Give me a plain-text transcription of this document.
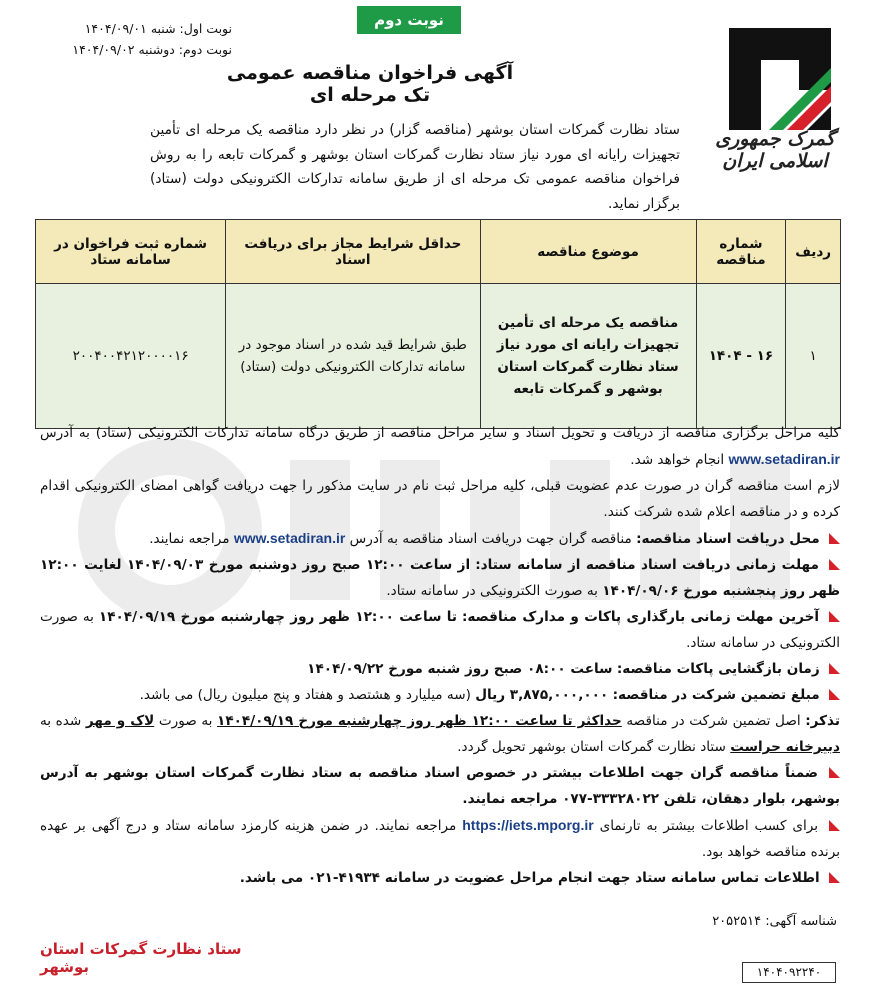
گمرک جمهوری اسلامی ایران
نوبت دوم
نوبت اول: شنبه ۱۴۰۴/۰۹/۰۱
نوبت دوم: دوشنبه ۱۴۰۴/۰۹/۰۲
آگهی فراخوان مناقصه عمومی تک مرحله ای
ستاد نظارت گمرکات استان بوشهر (مناقصه گزار) در نظر دارد مناقصه یک مرحله ای تأمین تجهیزات رایانه ای مورد نیاز ستاد نظارت گمرکات استان بوشهر و گمرکات تابعه را به روش فراخوان مناقصه عمومی تک مرحله ای از طریق سامانه تدارکات الکترونیکی دولت (ستاد) برگزار نماید.
ردیف	شماره مناقصه	موضوع مناقصه	حداقل شرایط مجاز برای دریافت اسناد	شماره ثبت فراخوان در سامانه ستاد
۱	۱۶ - ۱۴۰۴	مناقصه یک مرحله ای تأمین تجهیزات رایانه ای مورد نیاز ستاد نظارت گمرکات استان بوشهر و گمرکات تابعه	طبق شرایط قید شده در اسناد موجود در سامانه تدارکات الکترونیکی دولت (ستاد)	۲۰۰۴۰۰۴۲۱۲۰۰۰۰۱۶

کلیه مراحل برگزاری مناقصه از دریافت و تحویل اسناد و سایر مراحل مناقصه از طریق درگاه سامانه تدارکات الکترونیکی (ستاد) به آدرس www.setadiran.ir انجام خواهد شد.

لازم است مناقصه گران در صورت عدم عضویت قبلی، کلیه مراحل ثبت نام در سایت مذکور را جهت دریافت گواهی امضای الکترونیکی اقدام کرده و در مناقصه اعلام شده شرکت کنند.

محل دریافت اسناد مناقصه: مناقصه گران جهت دریافت اسناد مناقصه به آدرس www.setadiran.ir مراجعه نمایند.

مهلت زمانی دریافت اسناد مناقصه از سامانه ستاد: از ساعت ۱۲:۰۰ صبح روز دوشنبه مورخ ۱۴۰۴/۰۹/۰۳ لغایت ۱۲:۰۰ ظهر روز پنجشنبه مورخ ۱۴۰۴/۰۹/۰۶ به صورت الکترونیکی در سامانه ستاد.

آخرین مهلت زمانی بارگذاری پاکات و مدارک مناقصه: تا ساعت ۱۲:۰۰ ظهر روز چهارشنبه مورخ ۱۴۰۴/۰۹/۱۹ به صورت الکترونیکی در سامانه ستاد.

زمان بازگشایی پاکات مناقصه: ساعت ۰۸:۰۰ صبح روز شنبه مورخ ۱۴۰۴/۰۹/۲۲

مبلغ تضمین شرکت در مناقصه: ۳,۸۷۵,۰۰۰,۰۰۰ ریال (سه میلیارد و هشتصد و هفتاد و پنج میلیون ریال) می باشد.

تذکر: اصل تضمین شرکت در مناقصه حداکثر تا ساعت ۱۲:۰۰ ظهر روز چهارشنبه مورخ ۱۴۰۴/۰۹/۱۹ به صورت لاک و مهر شده به دبیرخانه حراست ستاد نظارت گمرکات استان بوشهر تحویل گردد.

ضمناً مناقصه گران جهت اطلاعات بیشتر در خصوص اسناد مناقصه به ستاد نظارت گمرکات استان بوشهر به آدرس بوشهر، بلوار دهقان، تلفن ۳۳۳۲۸۰۲۲-۰۷۷ مراجعه نمایند.

برای کسب اطلاعات بیشتر به تارنمای https://iets.mporg.ir مراجعه نمایند. در ضمن هزینه کارمزد سامانه ستاد و درج آگهی بر عهده برنده مناقصه خواهد بود.

اطلاعات تماس سامانه ستاد جهت انجام مراحل عضویت در سامانه ۴۱۹۳۴-۰۲۱ می باشد.

شناسه آگهی: ۲۰۵۲۵۱۴
ستاد نظارت گمرکات استان بوشهر	۱۴۰۴۰۹۲۲۴۰
